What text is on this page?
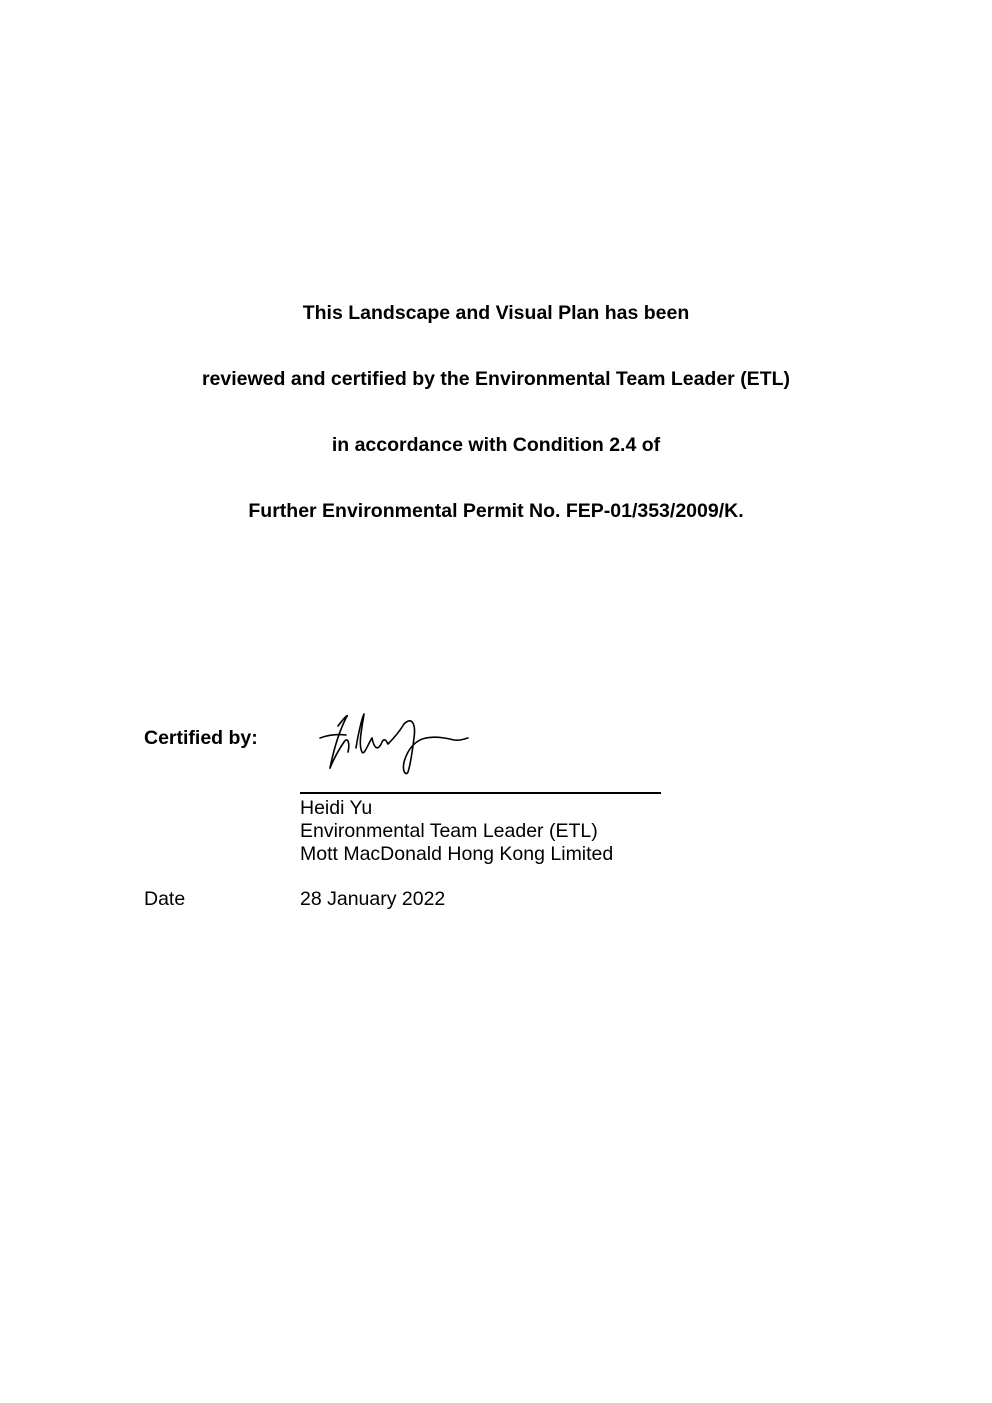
This Landscape and Visual Plan has been
reviewed and certified by the Environmental Team Leader (ETL)
in accordance with Condition 2.4 of
Further Environmental Permit No. FEP-01/353/2009/K.
Certified by:
Heidi Yu
Environmental Team Leader (ETL)
Mott MacDonald Hong Kong Limited
Date	28 January 2022
